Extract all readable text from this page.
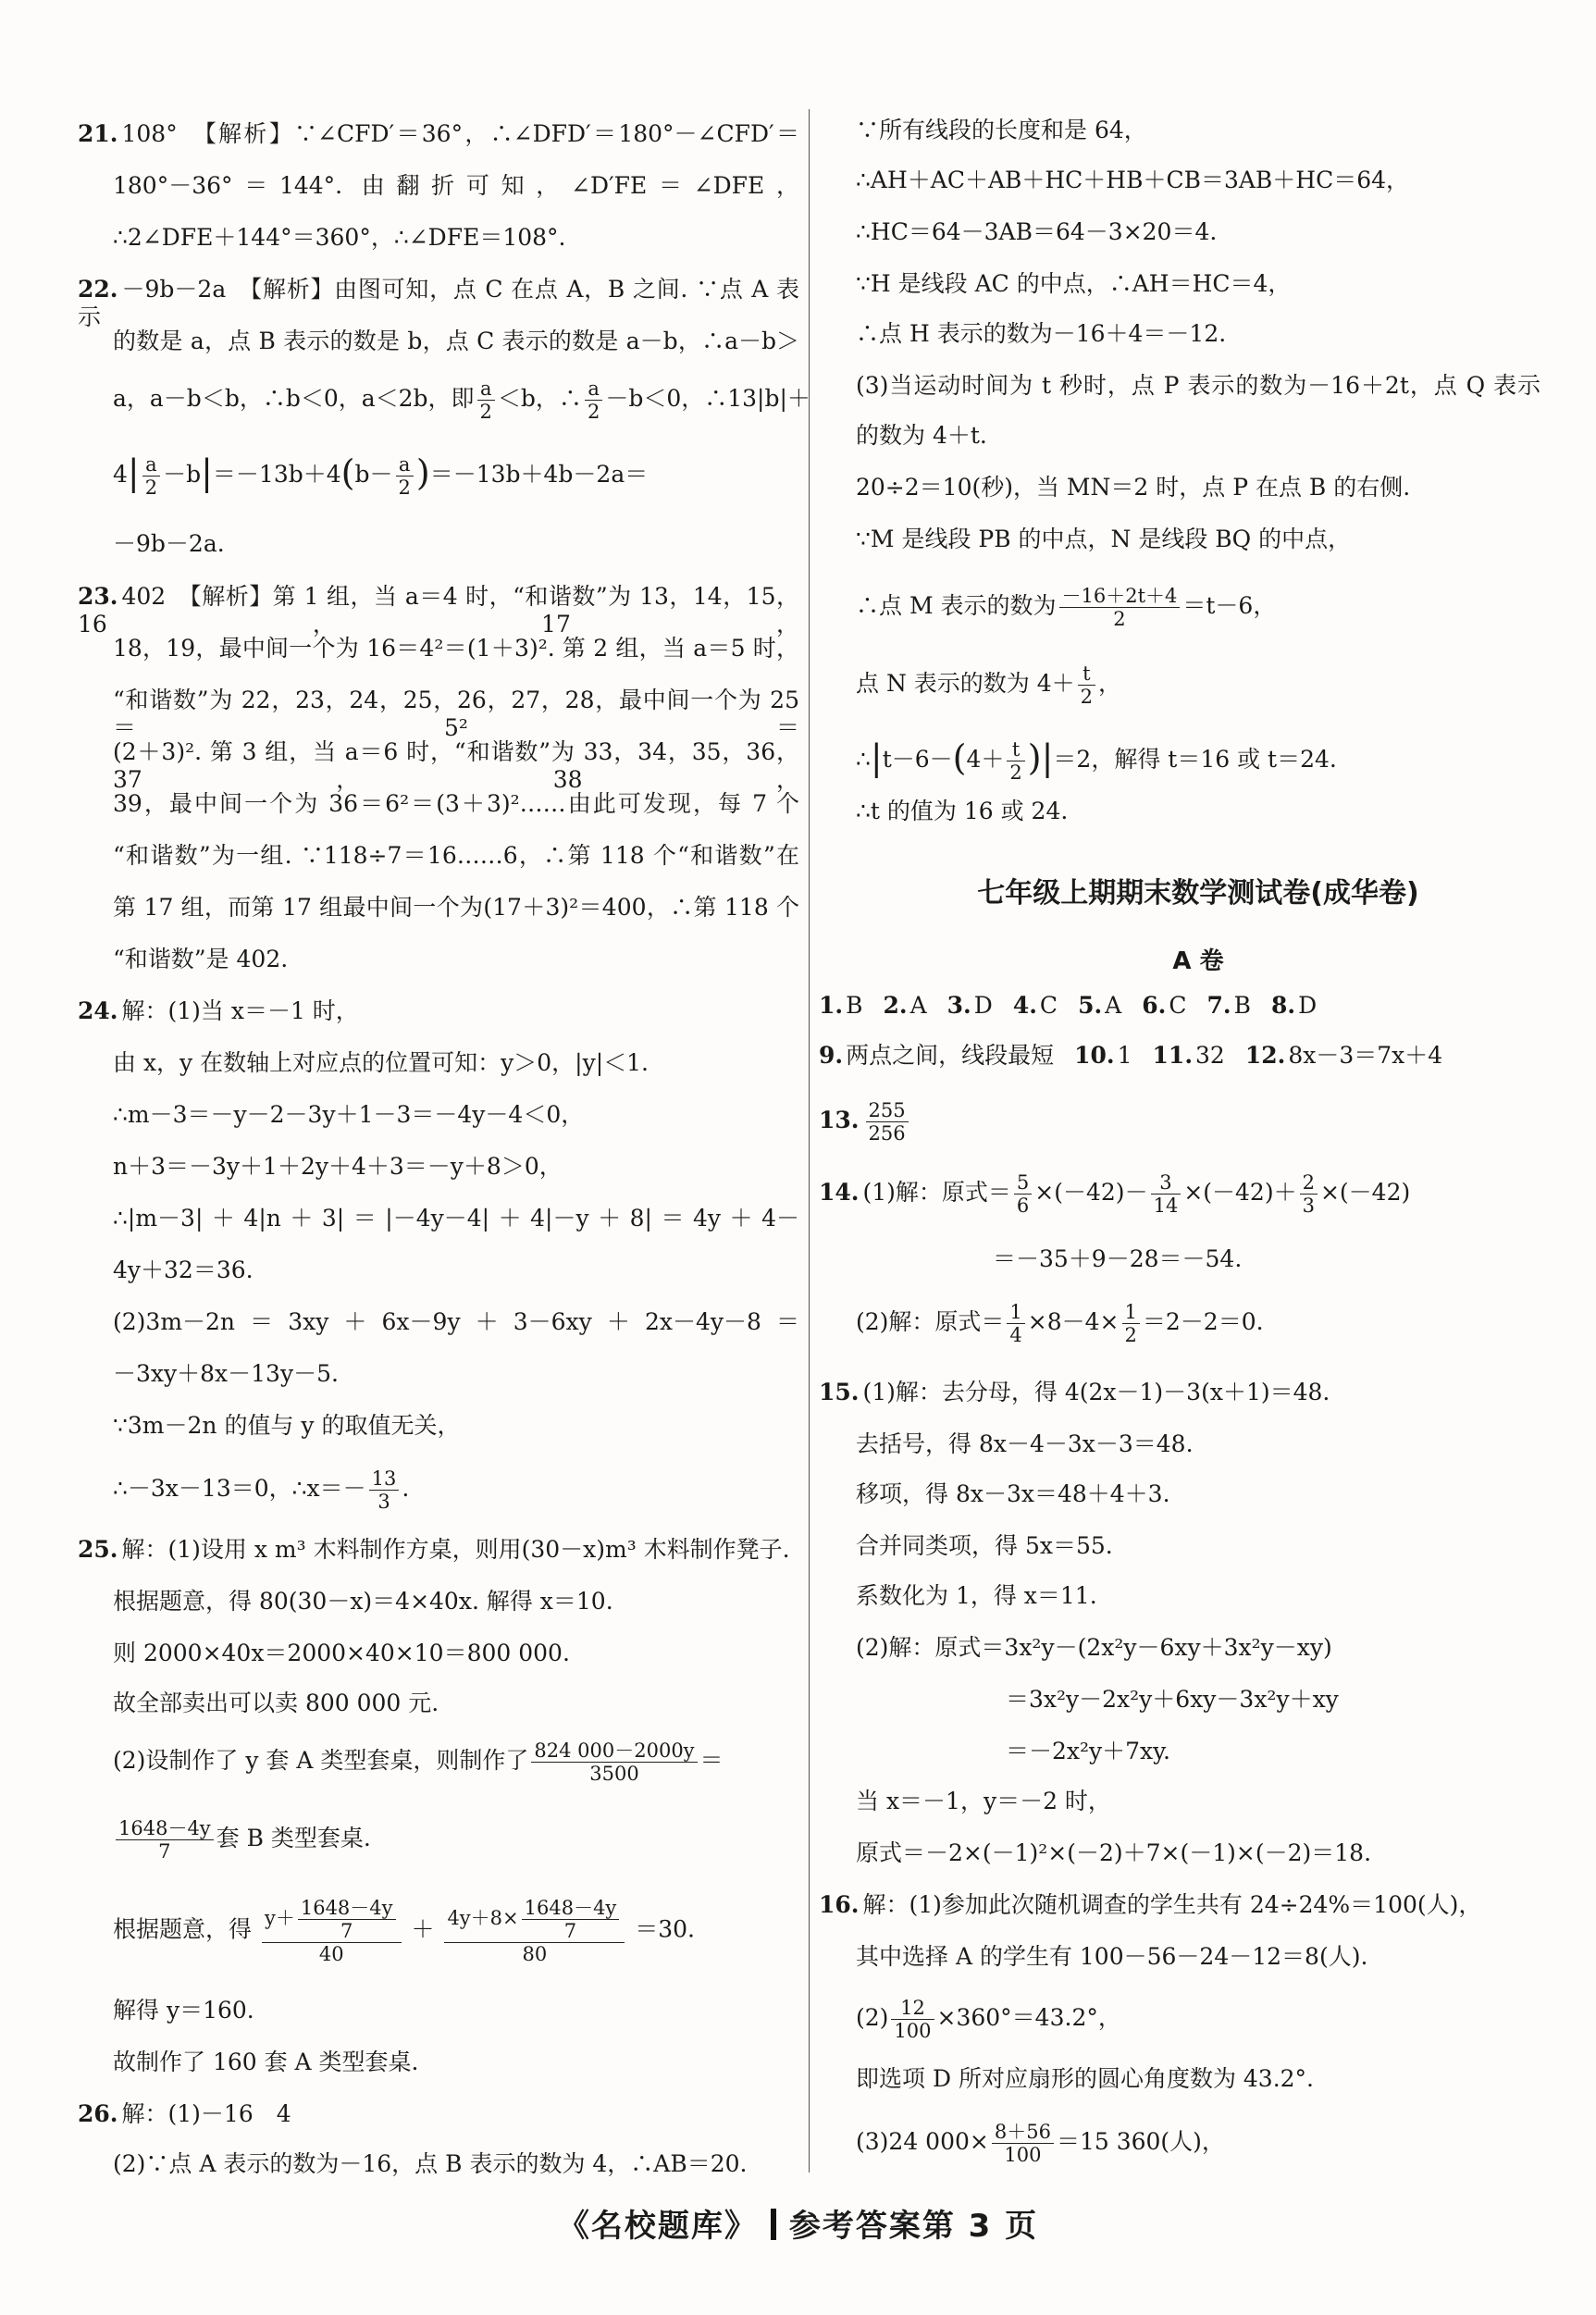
21. 108°　【解析】∵∠CFD′＝36°，∴∠DFD′＝180°－∠CFD′＝
180°－36°＝144°. 由翻折可知，∠D′FE＝∠DFE，
∴2∠DFE＋144°＝360°，∴∠DFE＝108°.
22. －9b－2a　【解析】由图可知，点 C 在点 A，B 之间. ∵点 A 表示
的数是 a，点 B 表示的数是 b，点 C 表示的数是 a－b，∴a－b＞
a，a－b＜b，∴b＜0，a＜2b，即 $\frac{a}{2} <b$，∴ $\frac{a}{2} -b<0$，∴13|b|＋
$4| \frac{a}{2} -b|=-13b+4(b- \frac{a}{2} )=-13b+4b-2a=$
－9b－2a.
23. 402　【解析】第 1 组，当 a＝4 时，“和谐数”为 13，14，15，16，17，
18，19，最中间一个为 16＝4²＝(1＋3)². 第 2 组，当 a＝5 时，
“和谐数”为 22，23，24，25，26，27，28，最中间一个为 25＝5²＝
(2＋3)². 第 3 组，当 a＝6 时，“和谐数”为 33，34，35，36，37，38，
39，最中间一个为 36＝6²＝(3＋3)²……由此可发现，每 7 个
“和谐数”为一组. ∵118÷7＝16……6，∴第 118 个“和谐数”在
第 17 组，而第 17 组最中间一个为(17＋3)²＝400，∴第 118 个
“和谐数”是 402.
24. 解：(1)当 x＝－1 时，
由 x，y 在数轴上对应点的位置可知：y＞0，|y|＜1.
∴m－3＝－y－2－3y＋1－3＝－4y－4＜0，
n＋3＝－3y＋1＋2y＋4＋3＝－y＋8＞0，
∴|m－3|＋4|n＋3|＝|－4y－4|＋4|－y＋8|＝4y＋4－
4y＋32＝36.
(2)3m－2n＝3xy＋6x－9y＋3－6xy＋2x－4y－8＝
－3xy＋8x－13y－5.
∵3m－2n 的值与 y 的取值无关，
∴－3x－13＝0，∴x＝－ $\frac{13}{3}$ .
25. 解：(1)设用 x m³ 木料制作方桌，则用(30－x)m³ 木料制作凳子.
根据题意，得 80(30－x)＝4×40x. 解得 x＝10.
则 2000×40x＝2000×40×10＝800 000.
故全部卖出可以卖 800 000 元.
(2)设制作了 y 套 A 类型套桌，则制作了 $\frac{824 000-2000y}{3500}$ ＝
$\frac{1648-4y}{7}$ 套 B 类型套桌.
根据题意，得 $\frac{y+ \frac{1648-4y}{7}}{40} + \frac{4y+8\times \frac{1648-4y}{7}}{80} =30$.
解得 y＝160.
故制作了 160 套 A 类型套桌.
26. 解：(1)－16　4
(2)∵点 A 表示的数为－16，点 B 表示的数为 4，∴AB＝20.
∵所有线段的长度和是 64，
∴AH＋AC＋AB＋HC＋HB＋CB＝3AB＋HC＝64，
∴HC＝64－3AB＝64－3×20＝4.
∵H 是线段 AC 的中点，∴AH＝HC＝4，
∴点 H 表示的数为－16＋4＝－12.
(3)当运动时间为 t 秒时，点 P 表示的数为－16＋2t，点 Q 表示
的数为 4＋t.
20÷2＝10(秒)，当 MN＝2 时，点 P 在点 B 的右侧.
∵M 是线段 PB 的中点，N 是线段 BQ 的中点，
∴点 M 表示的数为 $\frac{-16+2t+4}{2} =t-6$，
点 N 表示的数为 $4+ \frac{t}{2}$ ，
∴|t－6－(4＋ $\frac{t}{2} )|=2$，解得 t＝16 或 t＝24.
∴t 的值为 16 或 24.
七年级上期期末数学测试卷(成华卷)
A 卷
1. B 2. A 3. D 4. C 5. A 6. C 7. B 8. D
9. 两点之间，线段最短 10. 1 11. 32 12. 8x－3＝7x＋4
13. $\frac{255}{256}$
14. (1)解：原式＝ $\frac{5}{6} \times(-42)- \frac{3}{14} \times(-42)+ \frac{2}{3} \times(-42)$
＝－35＋9－28＝－54.
(2)解：原式＝ $\frac{1}{4} \times 8-4\times \frac{1}{2} =2-2=0$.
15. (1)解：去分母，得 4(2x－1)－3(x＋1)＝48.
去括号，得 8x－4－3x－3＝48.
移项，得 8x－3x＝48＋4＋3.
合并同类项，得 5x＝55.
系数化为 1，得 x＝11.
(2)解：原式＝3x²y－(2x²y－6xy＋3x²y－xy)
＝3x²y－2x²y＋6xy－3x²y＋xy
＝－2x²y＋7xy.
当 x＝－1，y＝－2 时，
原式＝－2×(－1)²×(－2)＋7×(－1)×(－2)＝18.
16. 解：(1)参加此次随机调查的学生共有 24÷24%＝100(人)，
其中选择 A 的学生有 100－56－24－12＝8(人).
$(2) \frac{12}{100} \times 360^\circ=43.2^\circ$，
即选项 D 所对应扇形的圆心角度数为 43.2°.
(3)24 $000\times \frac{8+56}{100} =15$ 360(人)，
《名校题库》 参考答案第 3 页
